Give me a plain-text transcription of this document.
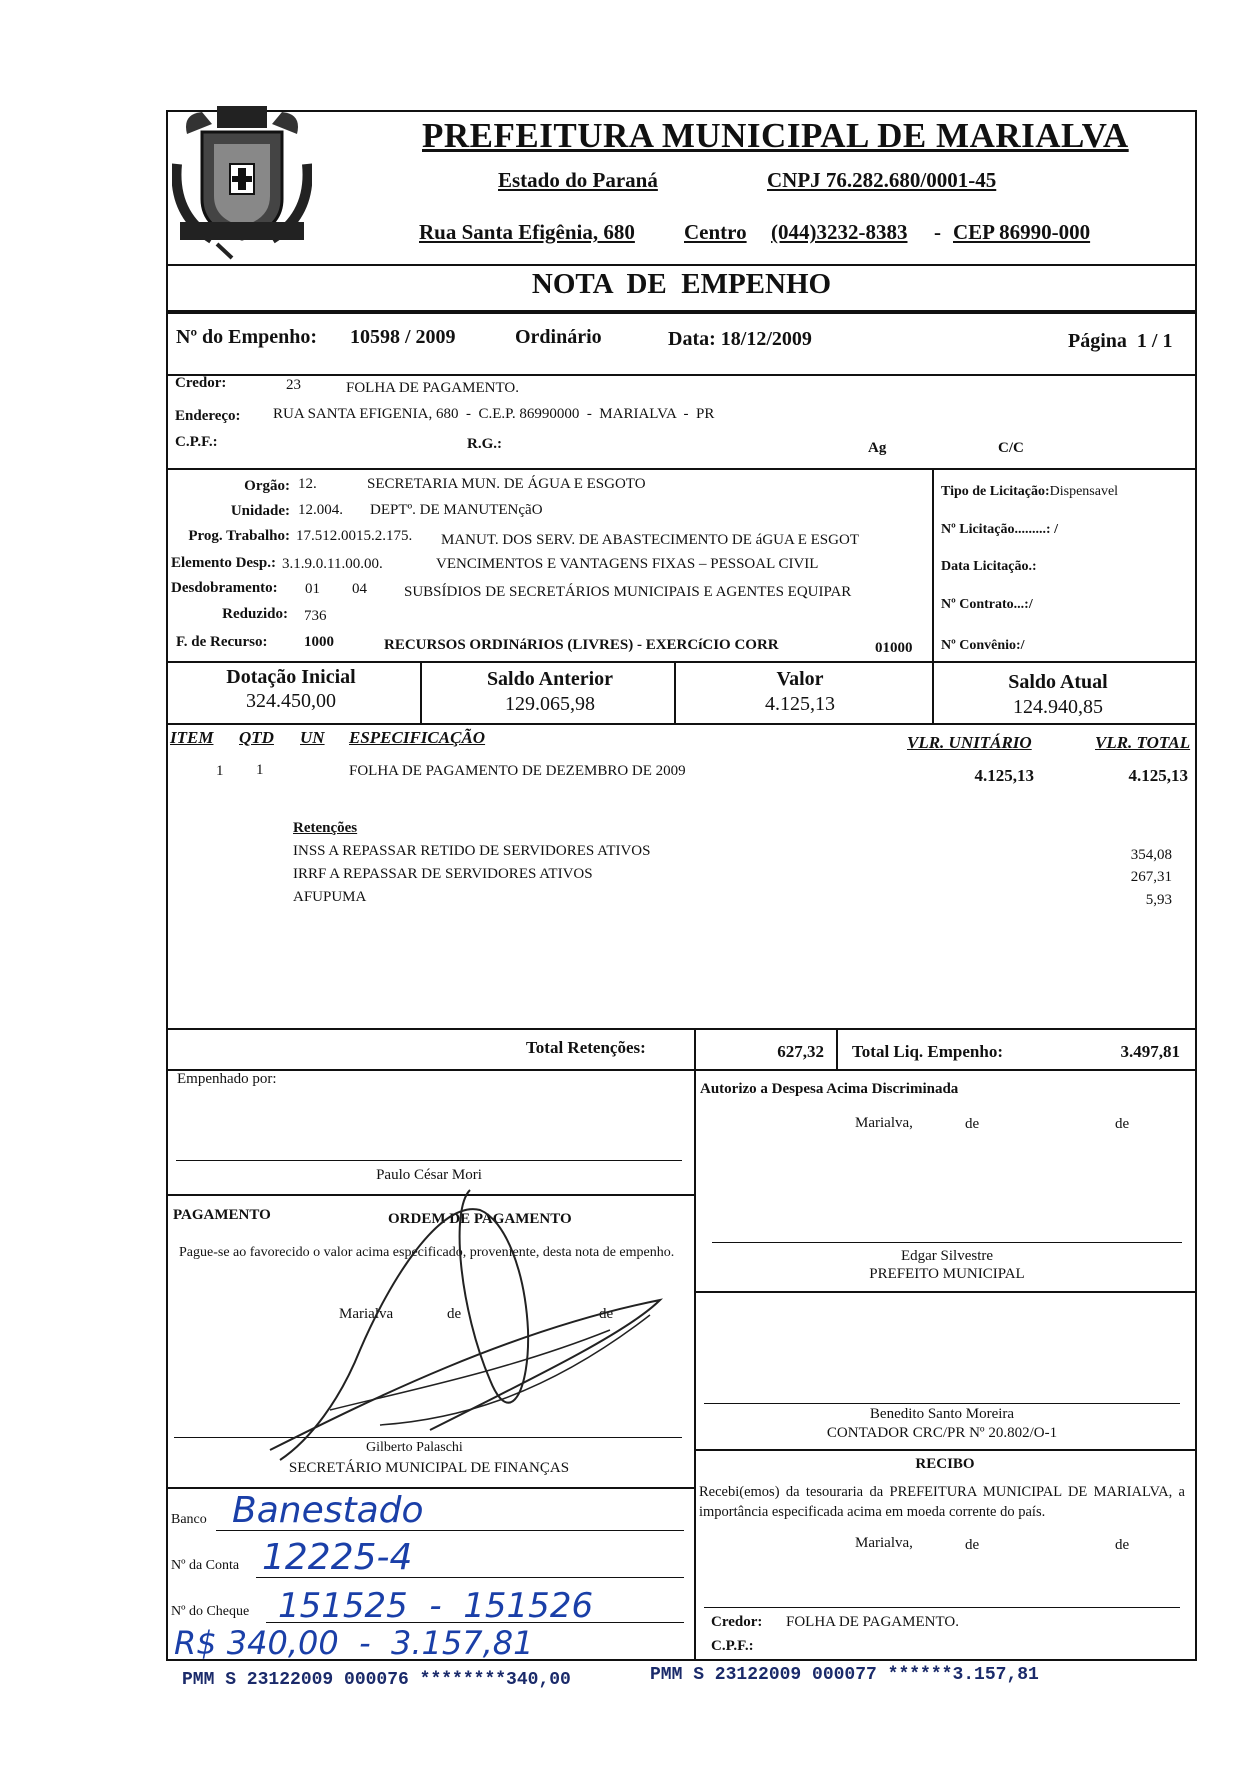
PREFEITURA MUNICIPAL DE MARIALVA
Estado do Paraná	CNPJ 76.282.680/0001-45
Rua Santa Efigênia, 680 Centro (044)3232-8383 - CEP 86990-000
NOTA  DE  EMPENHO
Nº do Empenho: 10598 / 2009	Ordinário	Data: 18/12/2009	Página  1 / 1
Credor:	23	FOLHA DE PAGAMENTO.
Endereço: RUA SANTA EFIGENIA, 680  -  C.E.P. 86990000  -  MARIALVA  -  PR
C.P.F.:	R.G.:	Ag	C/C
Orgão: 12.	SECRETARIA MUN. DE ÁGUA E ESGOTO
Unidade: 12.004. DEPTº. DE MANUTENçãO
Prog. Trabalho: 17.512.0015.2.175. MANUT. DOS SERV. DE ABASTECIMENTO DE áGUA E ESGOT
Elemento Desp.: 3.1.9.0.11.00.00.	VENCIMENTOS E VANTAGENS FIXAS – PESSOAL CIVIL
Desdobramento: 01 04 SUBSÍDIOS DE SECRETÁRIOS MUNICIPAIS E AGENTES EQUIPAR
Reduzido: 736
F. de Recurso: 1000	RECURSOS ORDINáRIOS (LIVRES) - EXERCíCIO CORR	01000
Tipo de Licitação:Dispensavel
Nº Licitação.........: /
Data Licitação.:
Nº Contrato...:/
Nº Convênio:/
Dotação Inicial
324.450,00
Saldo Anterior
129.065,98
Valor
4.125,13
Saldo Atual
124.940,85
ITEM QTD UN ESPECIFICAÇÃO	VLR. UNITÁRIO	VLR. TOTAL
1 1	FOLHA DE PAGAMENTO DE DEZEMBRO DE 2009	4.125,13	4.125,13
Retenções
INSS A REPASSAR RETIDO DE SERVIDORES ATIVOS	354,08
IRRF A REPASSAR DE SERVIDORES ATIVOS	267,31
AFUPUMA	5,93
Total Retenções:	627,32 Total Liq. Empenho:	3.497,81
Empenhado por:
Paulo César Mori
PAGAMENTO	ORDEM DE PAGAMENTO
Pague-se ao favorecido o valor acima especificado, proveniente, desta nota de empenho.
Marialva	de	de
Gilberto Palaschi
SECRETÁRIO MUNICIPAL DE FINANÇAS
Banco Banestado
Nº da Conta 12225-4
Nº do Cheque 151525  -  151526
R$ 340,00  -  3.157,81
Autorizo a Despesa Acima Discriminada
Marialva,	de	de
Edgar Silvestre
PREFEITO MUNICIPAL
Benedito Santo Moreira
CONTADOR CRC/PR Nº 20.802/O-1
RECIBO
Recebi(emos) da tesouraria da PREFEITURA MUNICIPAL DE MARIALVA, a importância especificada acima em moeda corrente do país.
Marialva,	de	de
Credor: FOLHA DE PAGAMENTO.
C.P.F.:
PMM S 23122009 000076 ********340,00	PMM S 23122009 000077 ******3.157,81
